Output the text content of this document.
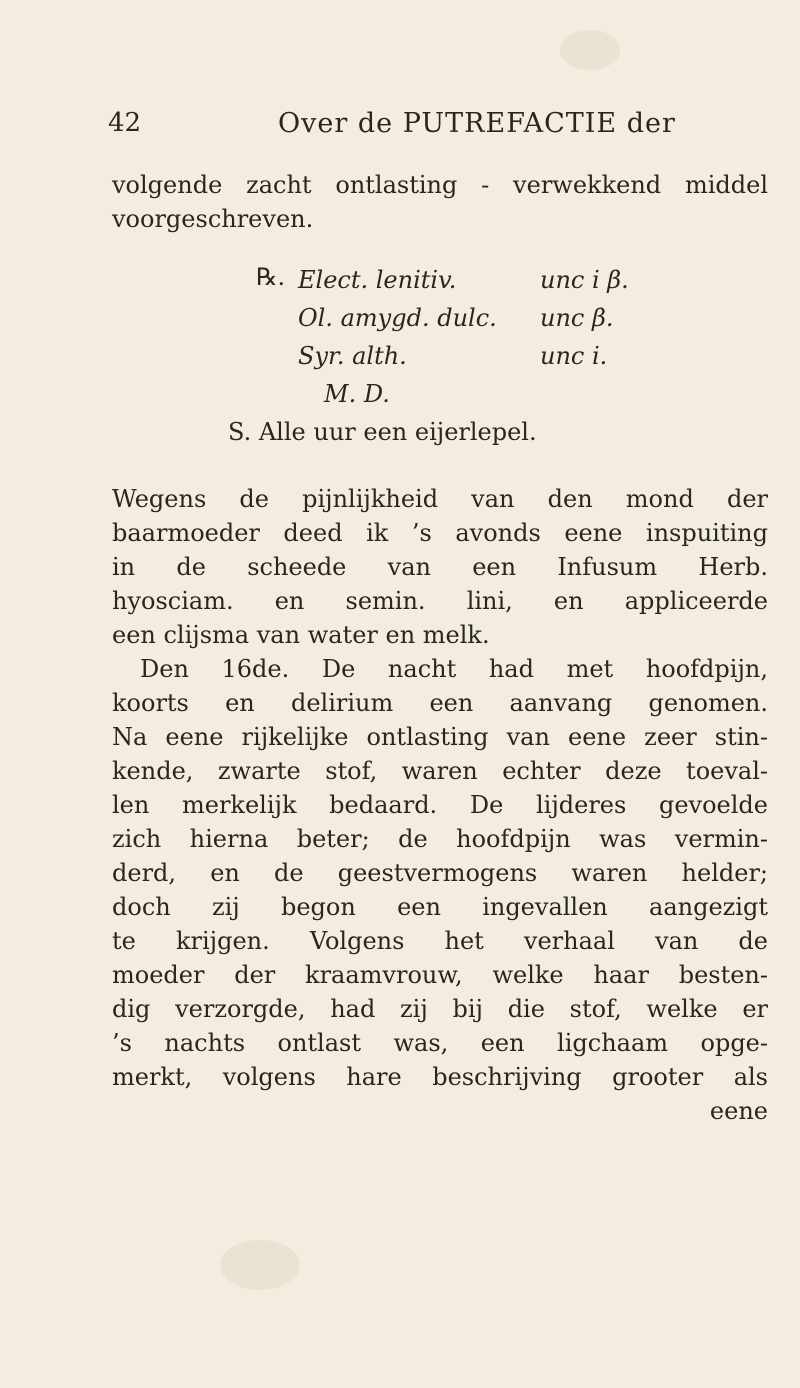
42	Over de PUTREFACTIE der
volgende zacht ontlasting - verwekkend middel
voorgeschreven.
℞. Elect. lenitiv.	unc i β.
Ol. amygd. dulc. unc β.
Syr. alth.	unc i.
M. D.
S. Alle uur een eijerlepel.
Wegens de pijnlijkheid van den mond der
baarmoeder deed ik ’s avonds eene inspuiting
in de scheede van een Infusum Herb.
hyosciam. en semin. lini, en appliceerde
een clijsma van water en melk.
Den 16de. De nacht had met hoofdpijn,
koorts en delirium een aanvang genomen.
Na eene rijkelijke ontlasting van eene zeer stin-
kende, zwarte stof, waren echter deze toeval-
len merkelijk bedaard. De lijderes gevoelde
zich hierna beter; de hoofdpijn was vermin-
derd, en de geestvermogens waren helder;
doch zij begon een ingevallen aangezigt
te krijgen. Volgens het verhaal van de
moeder der kraamvrouw, welke haar besten-
dig verzorgde, had zij bij die stof, welke er
’s nachts ontlast was, een ligchaam opge-
merkt, volgens hare beschrijving grooter als
eene
